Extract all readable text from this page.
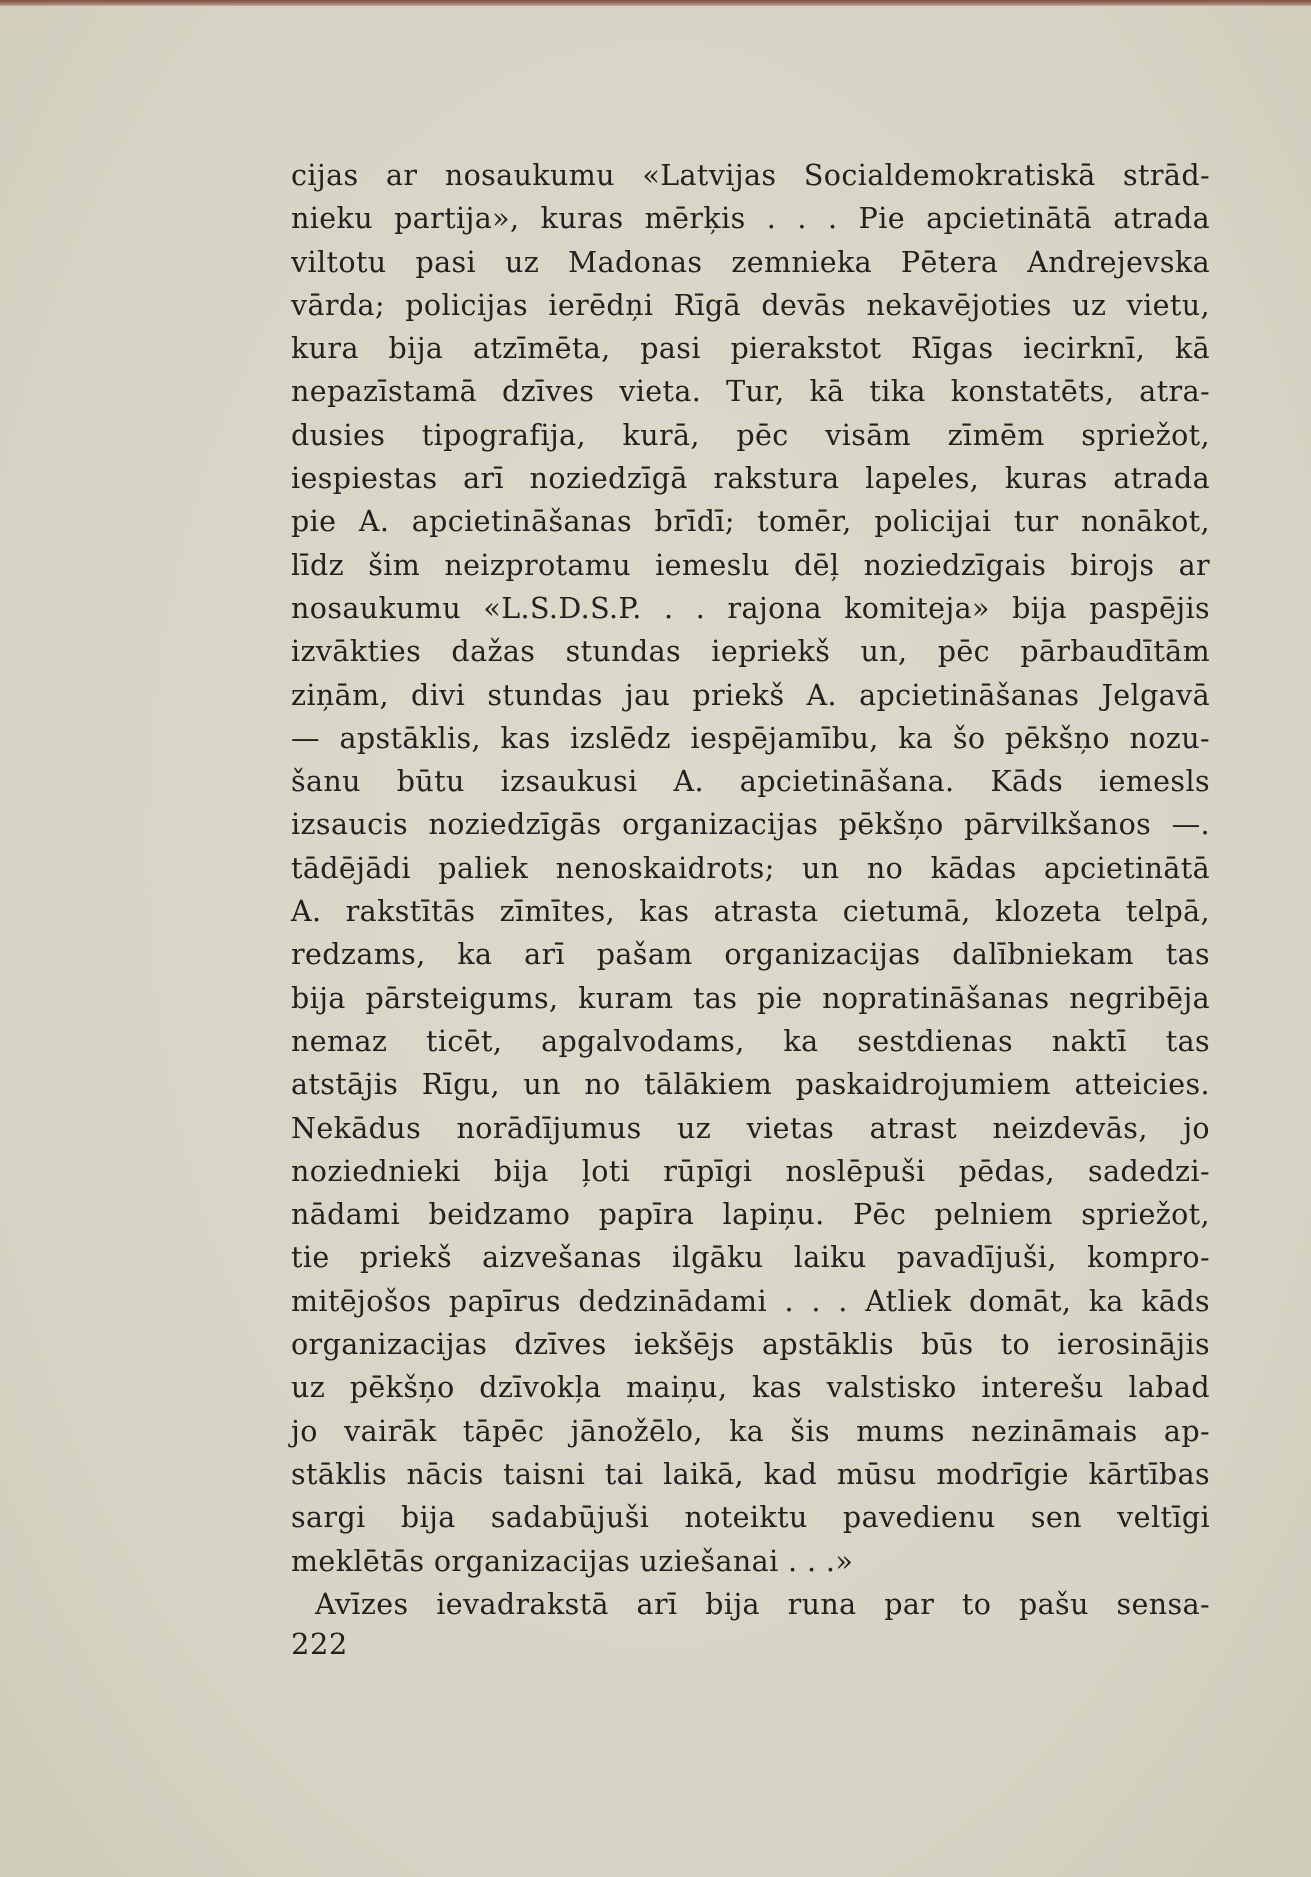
cijas ar nosaukumu «Latvijas Socialdemokratiskā strād-
nieku partija», kuras mērķis . . . Pie apcietinātā atrada
viltotu pasi uz Madonas zemnieka Pētera Andrejevska
vārda; policijas ierēdņi Rīgā devās nekavējoties uz vietu,
kura bija atzīmēta, pasi pierakstot Rīgas iecirknī, kā
nepazīstamā dzīves vieta. Tur, kā tika konstatēts, atra-
dusies tipografija, kurā, pēc visām zīmēm spriežot,
iespiestas arī noziedzīgā rakstura lapeles, kuras atrada
pie A. apcietināšanas brīdī; tomēr, policijai tur nonākot,
līdz šim neizprotamu iemeslu dēļ noziedzīgais birojs ar
nosaukumu «L.S.D.S.P. . . rajona komiteja» bija paspējis
izvākties dažas stundas iepriekš un, pēc pārbaudītām
ziņām, divi stundas jau priekš A. apcietināšanas Jelgavā
— apstāklis, kas izslēdz iespējamību, ka šo pēkšņo nozu-
šanu būtu izsaukusi A. apcietināšana. Kāds iemesls
izsaucis noziedzīgās organizacijas pēkšņo pārvilkšanos —.
tādējādi paliek nenoskaidrots; un no kādas apcietinātā
A. rakstītās zīmītes, kas atrasta cietumā, klozeta telpā,
redzams, ka arī pašam organizacijas dalībniekam tas
bija pārsteigums, kuram tas pie nopratināšanas negribēja
nemaz ticēt, apgalvodams, ka sestdienas naktī tas
atstājis Rīgu, un no tālākiem paskaidrojumiem atteicies.
Nekādus norādījumus uz vietas atrast neizdevās, jo
noziednieki bija ļoti rūpīgi noslēpuši pēdas, sadedzi-
nādami beidzamo papīra lapiņu. Pēc pelniem spriežot,
tie priekš aizvešanas ilgāku laiku pavadījuši, kompro-
mitējošos papīrus dedzinādami . . . Atliek domāt, ka kāds
organizacijas dzīves iekšējs apstāklis būs to ierosinājis
uz pēkšņo dzīvokļa maiņu, kas valstisko interešu labad
jo vairāk tāpēc jānožēlo, ka šis mums nezināmais ap-
stāklis nācis taisni tai laikā, kad mūsu modrīgie kārtības
sargi bija sadabūjuši noteiktu pavedienu sen veltīgi
meklētās organizacijas uziešanai . . .»
Avīzes ievadrakstā arī bija runa par to pašu sensa-
222
